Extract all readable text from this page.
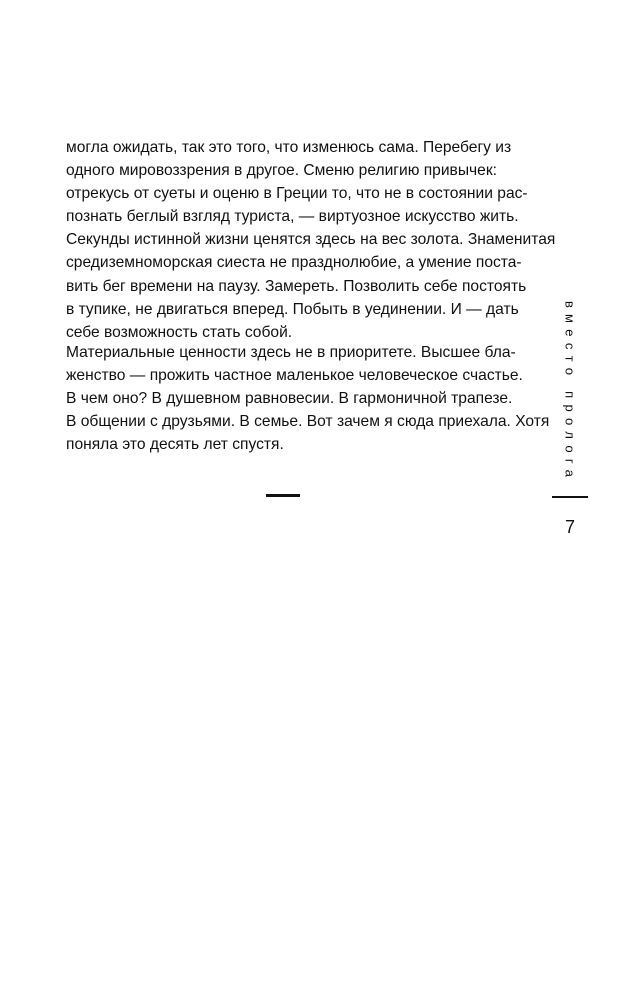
могла ожидать, так это того, что изменюсь сама. Перебегу из
одного мировоззрения в другое. Сменю религию привычек:
отрекусь от суеты и оценю в Греции то, что не в состоянии рас-
познать беглый взгляд туриста, — виртуозное искусство жить.
Секунды истинной жизни ценятся здесь на вес золота. Знаменитая
средиземноморская сиеста не празднолюбие, а умение поста-
вить бег времени на паузу. Замереть. Позволить себе постоять
в тупике, не двигаться вперед. Побыть в уединении. И — дать
себе возможность стать собой.
Материальные ценности здесь не в приоритете. Высшее бла-
женство — прожить частное маленькое человеческое счастье.
В чем оно? В душевном равновесии. В гармоничной трапезе.
В общении с друзьями. В семье. Вот зачем я сюда приехала. Хотя
поняла это десять лет спустя.	вместо пролога
7
